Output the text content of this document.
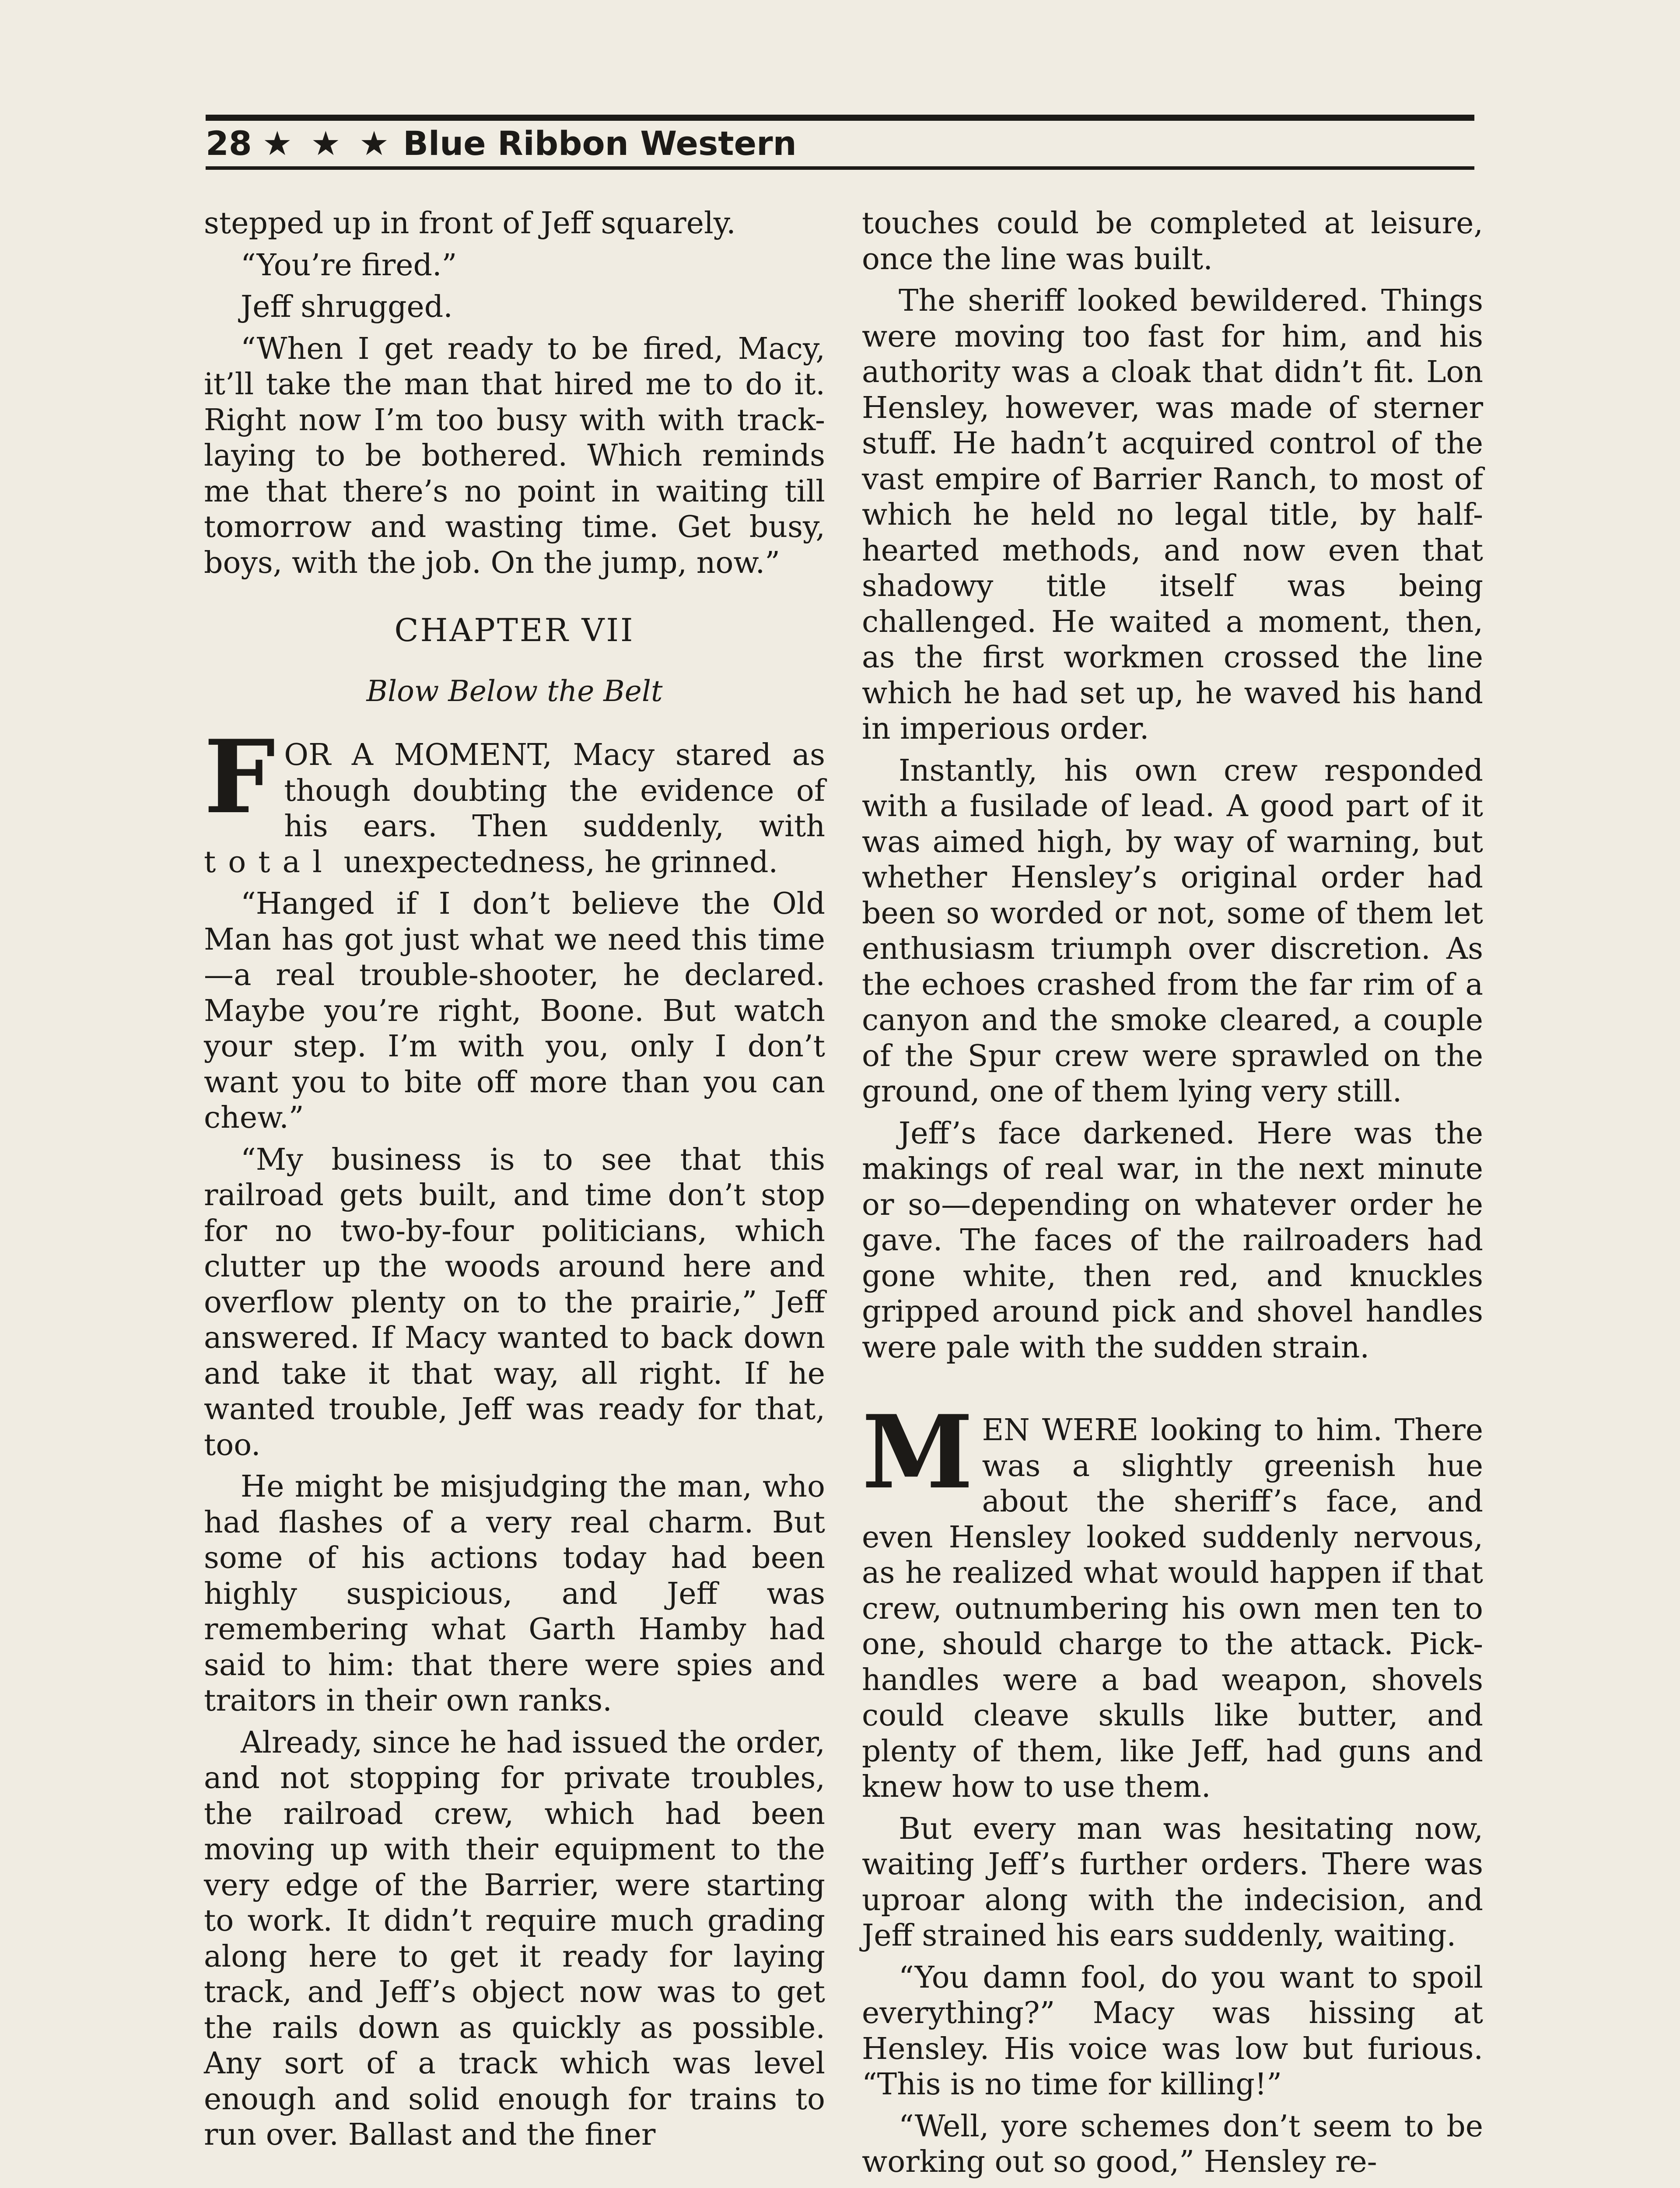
28 ★ ★ ★ Blue Ribbon Western

stepped up in front of Jeff squarely.

“You’re fired.”

Jeff shrugged.

“When I get ready to be fired, Macy, it’ll take the man that hired me to do it. Right now I’m too busy with with track-laying to be bothered. Which reminds me that there’s no point in waiting till tomorrow and wasting time. Get busy, boys, with the job. On the jump, now.”

CHAPTER VII
Blow Below the Belt

FOR A MOMENT, Macy stared as though doubting the evidence of his ears. Then suddenly, with total unexpectedness, he grinned.

“Hanged if I don’t believe the Old Man has got just what we need this time—a real trouble-shooter, he declared. Maybe you’re right, Boone. But watch your step. I’m with you, only I don’t want you to bite off more than you can chew.”

“My business is to see that this railroad gets built, and time don’t stop for no two-by-four politicians, which clutter up the woods around here and overflow plenty on to the prairie,” Jeff answered. If Macy wanted to back down and take it that way, all right. If he wanted trouble, Jeff was ready for that, too.

He might be misjudging the man, who had flashes of a very real charm. But some of his actions today had been highly suspicious, and Jeff was remembering what Garth Hamby had said to him: that there were spies and traitors in their own ranks.

Already, since he had issued the order, and not stopping for private troubles, the railroad crew, which had been moving up with their equipment to the very edge of the Barrier, were starting to work. It didn’t require much grading along here to get it ready for laying track, and Jeff’s object now was to get the rails down as quickly as possible. Any sort of a track which was level enough and solid enough for trains to run over. Ballast and the finer

touches could be completed at leisure, once the line was built.

The sheriff looked bewildered. Things were moving too fast for him, and his authority was a cloak that didn’t fit. Lon Hensley, however, was made of sterner stuff. He hadn’t acquired control of the vast empire of Barrier Ranch, to most of which he held no legal title, by half-hearted methods, and now even that shadowy title itself was being challenged. He waited a moment, then, as the first workmen crossed the line which he had set up, he waved his hand in imperious order.

Instantly, his own crew responded with a fusilade of lead. A good part of it was aimed high, by way of warning, but whether Hensley’s original order had been so worded or not, some of them let enthusiasm triumph over discretion. As the echoes crashed from the far rim of a canyon and the smoke cleared, a couple of the Spur crew were sprawled on the ground, one of them lying very still.

Jeff’s face darkened. Here was the makings of real war, in the next minute or so—depending on whatever order he gave. The faces of the railroaders had gone white, then red, and knuckles gripped around pick and shovel handles were pale with the sudden strain.

MEN WERE looking to him. There was a slightly greenish hue about the sheriff’s face, and even Hensley looked suddenly nervous, as he realized what would happen if that crew, outnumbering his own men ten to one, should charge to the attack. Pick-handles were a bad weapon, shovels could cleave skulls like butter, and plenty of them, like Jeff, had guns and knew how to use them.

But every man was hesitating now, waiting Jeff’s further orders. There was uproar along with the indecision, and Jeff strained his ears suddenly, waiting.

“You damn fool, do you want to spoil everything?” Macy was hissing at Hensley. His voice was low but furious. “This is no time for killing!”

“Well, yore schemes don’t seem to be working out so good,” Hensley re-
